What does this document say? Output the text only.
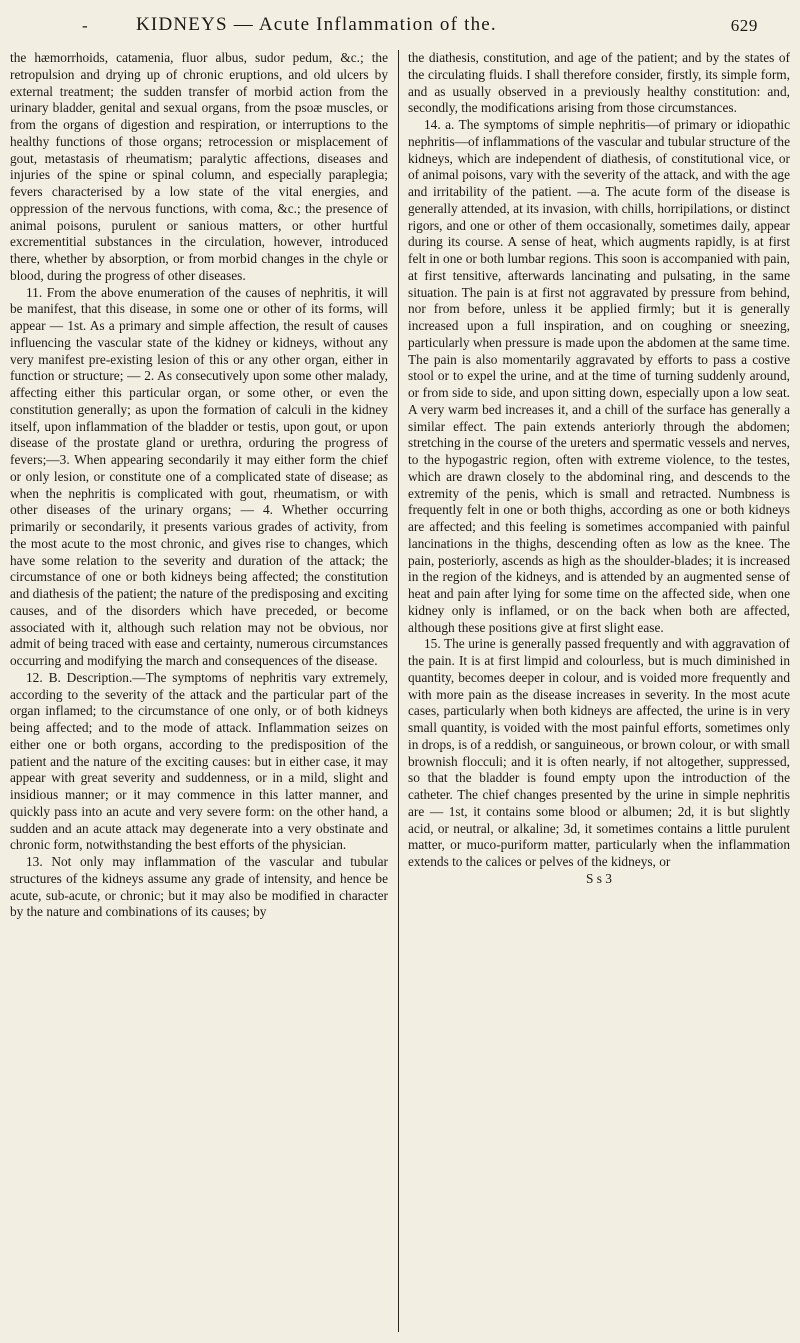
-	KIDNEYS — Acute Inflammation of the.	629

the hæmorrhoids, catamenia, fluor albus, sudor pedum, &c.; the retropulsion and drying up of chronic eruptions, and old ulcers by external treatment; the sudden transfer of morbid action from the urinary bladder, genital and sexual organs, from the psoæ muscles, or from the organs of digestion and respiration, or interruptions to the healthy functions of those organs; retrocession or misplacement of gout, metastasis of rheumatism; paralytic affections, diseases and injuries of the spine or spinal column, and especially paraplegia; fevers characterised by a low state of the vital energies, and oppression of the nervous functions, with coma, &c.; the presence of animal poisons, purulent or sanious matters, or other hurtful excrementitial substances in the circulation, however, introduced there, whether by absorption, or from morbid changes in the chyle or blood, during the progress of other diseases.

11. From the above enumeration of the causes of nephritis, it will be manifest, that this disease, in some one or other of its forms, will appear — 1st. As a primary and simple affection, the result of causes influencing the vascular state of the kidney or kidneys, without any very manifest pre-existing lesion of this or any other organ, either in function or structure; — 2. As consecutively upon some other malady, affecting either this particular organ, or some other, or even the constitution generally; as upon the formation of calculi in the kidney itself, upon inflammation of the bladder or testis, upon gout, or upon disease of the prostate gland or urethra, orduring the progress of fevers;—3. When appearing secondarily it may either form the chief or only lesion, or constitute one of a complicated state of disease; as when the nephritis is complicated with gout, rheumatism, or with other diseases of the urinary organs; — 4. Whether occurring primarily or secondarily, it presents various grades of activity, from the most acute to the most chronic, and gives rise to changes, which have some relation to the severity and duration of the attack; the circumstance of one or both kidneys being affected; the constitution and diathesis of the patient; the nature of the predisposing and exciting causes, and of the disorders which have preceded, or become associated with it, although such relation may not be obvious, nor admit of being traced with ease and certainty, numerous circumstances occurring and modifying the march and consequences of the disease.

12. B. Description.—The symptoms of nephritis vary extremely, according to the severity of the attack and the particular part of the organ inflamed; to the circumstance of one only, or of both kidneys being affected; and to the mode of attack. Inflammation seizes on either one or both organs, according to the predisposition of the patient and the nature of the exciting causes: but in either case, it may appear with great severity and suddenness, or in a mild, slight and insidious manner; or it may commence in this latter manner, and quickly pass into an acute and very severe form: on the other hand, a sudden and an acute attack may degenerate into a very obstinate and chronic form, notwithstanding the best efforts of the physician.

13. Not only may inflammation of the vascular and tubular structures of the kidneys assume any grade of intensity, and hence be acute, sub-acute, or chronic; but it may also be modified in character by the nature and combinations of its causes; by

the diathesis, constitution, and age of the patient; and by the states of the circulating fluids. I shall therefore consider, firstly, its simple form, and as usually observed in a previously healthy constitution: and, secondly, the modifications arising from those circumstances.

14. a. The symptoms of simple nephritis—of primary or idiopathic nephritis—of inflammations of the vascular and tubular structure of the kidneys, which are independent of diathesis, of constitutional vice, or of animal poisons, vary with the severity of the attack, and with the age and irritability of the patient. —a. The acute form of the disease is generally attended, at its invasion, with chills, horripilations, or distinct rigors, and one or other of them occasionally, sometimes daily, appear during its course. A sense of heat, which augments rapidly, is at first felt in one or both lumbar regions. This soon is accompanied with pain, at first tensitive, afterwards lancinating and pulsating, in the same situation. The pain is at first not aggravated by pressure from behind, nor from before, unless it be applied firmly; but it is generally increased upon a full inspiration, and on coughing or sneezing, particularly when pressure is made upon the abdomen at the same time. The pain is also momentarily aggravated by efforts to pass a costive stool or to expel the urine, and at the time of turning suddenly around, or from side to side, and upon sitting down, especially upon a low seat. A very warm bed increases it, and a chill of the surface has generally a similar effect. The pain extends anteriorly through the abdomen; stretching in the course of the ureters and spermatic vessels and nerves, to the hypogastric region, often with extreme violence, to the testes, which are drawn closely to the abdominal ring, and descends to the extremity of the penis, which is small and retracted. Numbness is frequently felt in one or both thighs, according as one or both kidneys are affected; and this feeling is sometimes accompanied with painful lancinations in the thighs, descending often as low as the knee. The pain, posteriorly, ascends as high as the shoulder-blades; it is increased in the region of the kidneys, and is attended by an augmented sense of heat and pain after lying for some time on the affected side, when one kidney only is inflamed, or on the back when both are affected, although these positions give at first slight ease.

15. The urine is generally passed frequently and with aggravation of the pain. It is at first limpid and colourless, but is much diminished in quantity, becomes deeper in colour, and is voided more frequently and with more pain as the disease increases in severity. In the most acute cases, particularly when both kidneys are affected, the urine is in very small quantity, is voided with the most painful efforts, sometimes only in drops, is of a reddish, or sanguineous, or brown colour, or with small brownish flocculi; and it is often nearly, if not altogether, suppressed, so that the bladder is found empty upon the introduction of the catheter. The chief changes presented by the urine in simple nephritis are — 1st, it contains some blood or albumen; 2d, it is but slightly acid, or neutral, or alkaline; 3d, it sometimes contains a little purulent matter, or muco-puriform matter, particularly when the inflammation extends to the calices or pelves of the kidneys, or

S s 3
